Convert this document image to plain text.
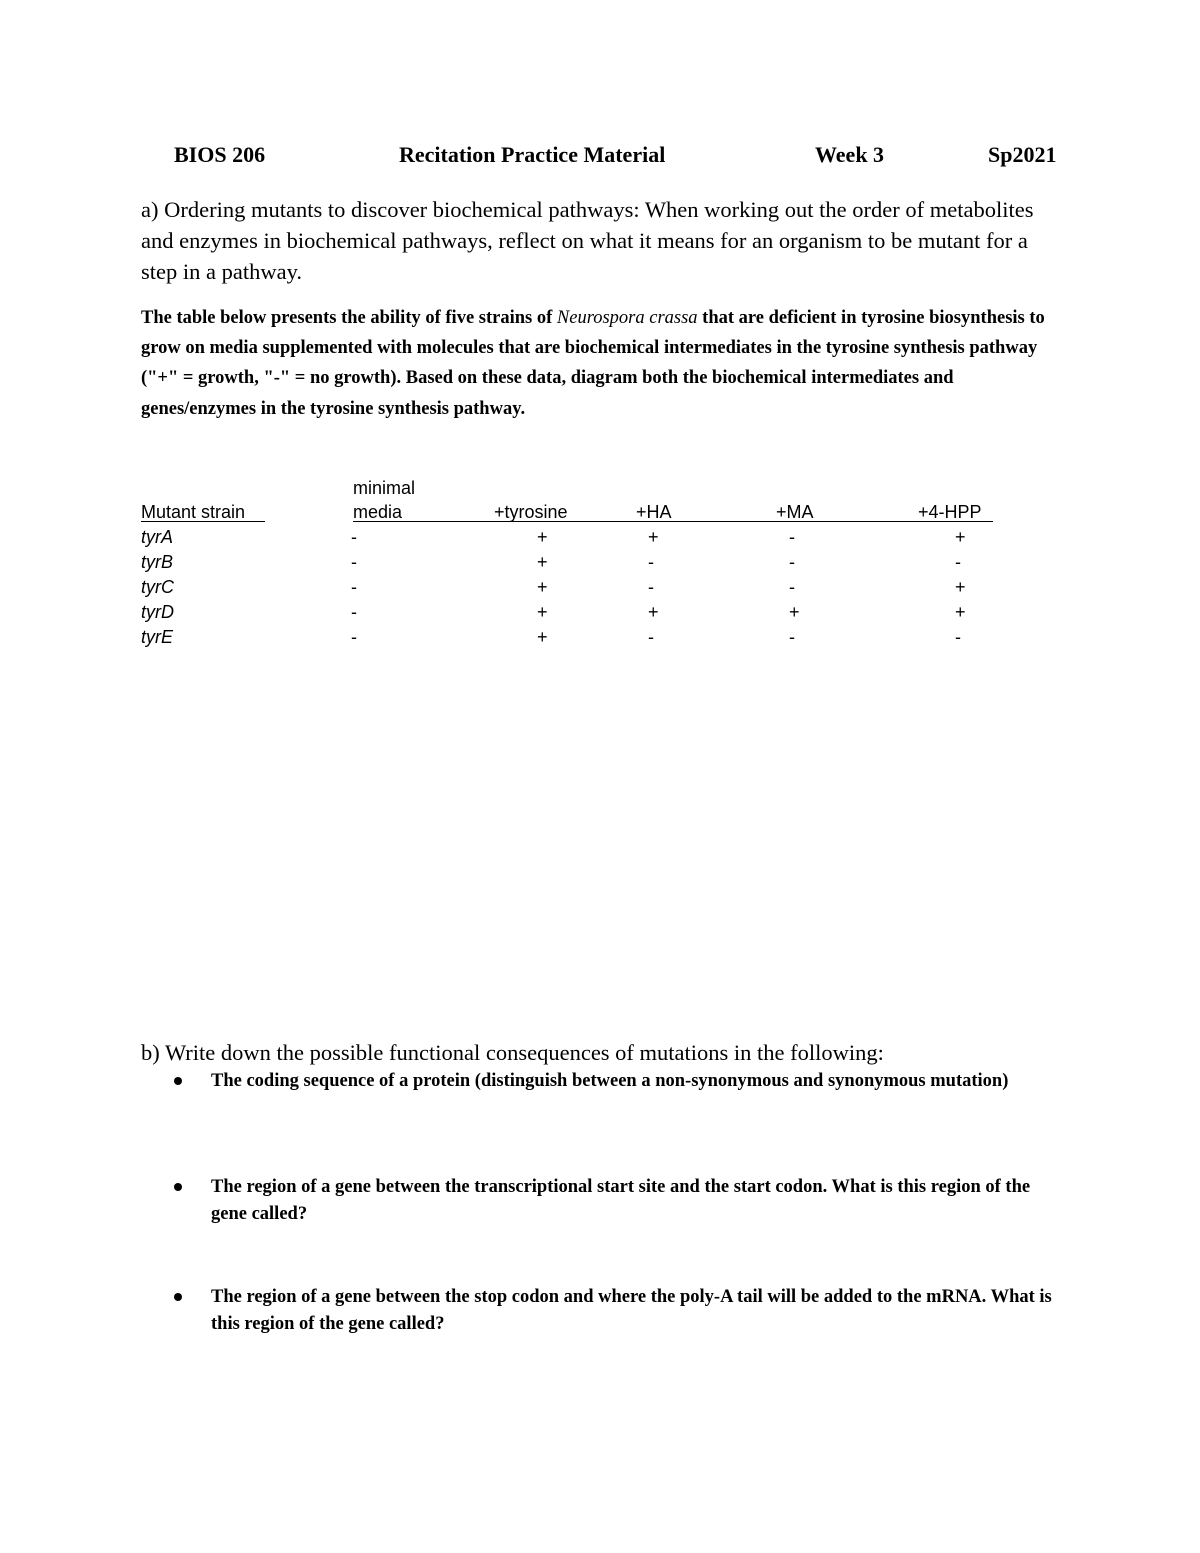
BIOS 206	Recitation Practice Material	Week 3	Sp2021
a) Ordering mutants to discover biochemical pathways: When working out the order of metabolites and enzymes in biochemical pathways, reflect on what it means for an organism to be mutant for a step in a pathway.
The table below presents the ability of five strains of Neurospora crassa that are deficient in tyrosine biosynthesis to grow on media supplemented with molecules that are biochemical intermediates in the tyrosine synthesis pathway ("+" = growth, "-" = no growth). Based on these data, diagram both the biochemical intermediates and genes/enzymes in the tyrosine synthesis pathway.
minimal
Mutant strain	media	+tyrosine	+HA	+MA	+4-HPP
tyrA	-	+	+	-	+
tyrB	-	+	-	-	-
tyrC	-	+	-	-	+
tyrD	-	+	+	+	+
tyrE	-	+	-	-	-
b) Write down the possible functional consequences of mutations in the following:
The coding sequence of a protein (distinguish between a non-synonymous and synonymous mutation)
The region of a gene between the transcriptional start site and the start codon. What is this region of the gene called?
The region of a gene between the stop codon and where the poly-A tail will be added to the mRNA. What is this region of the gene called?
